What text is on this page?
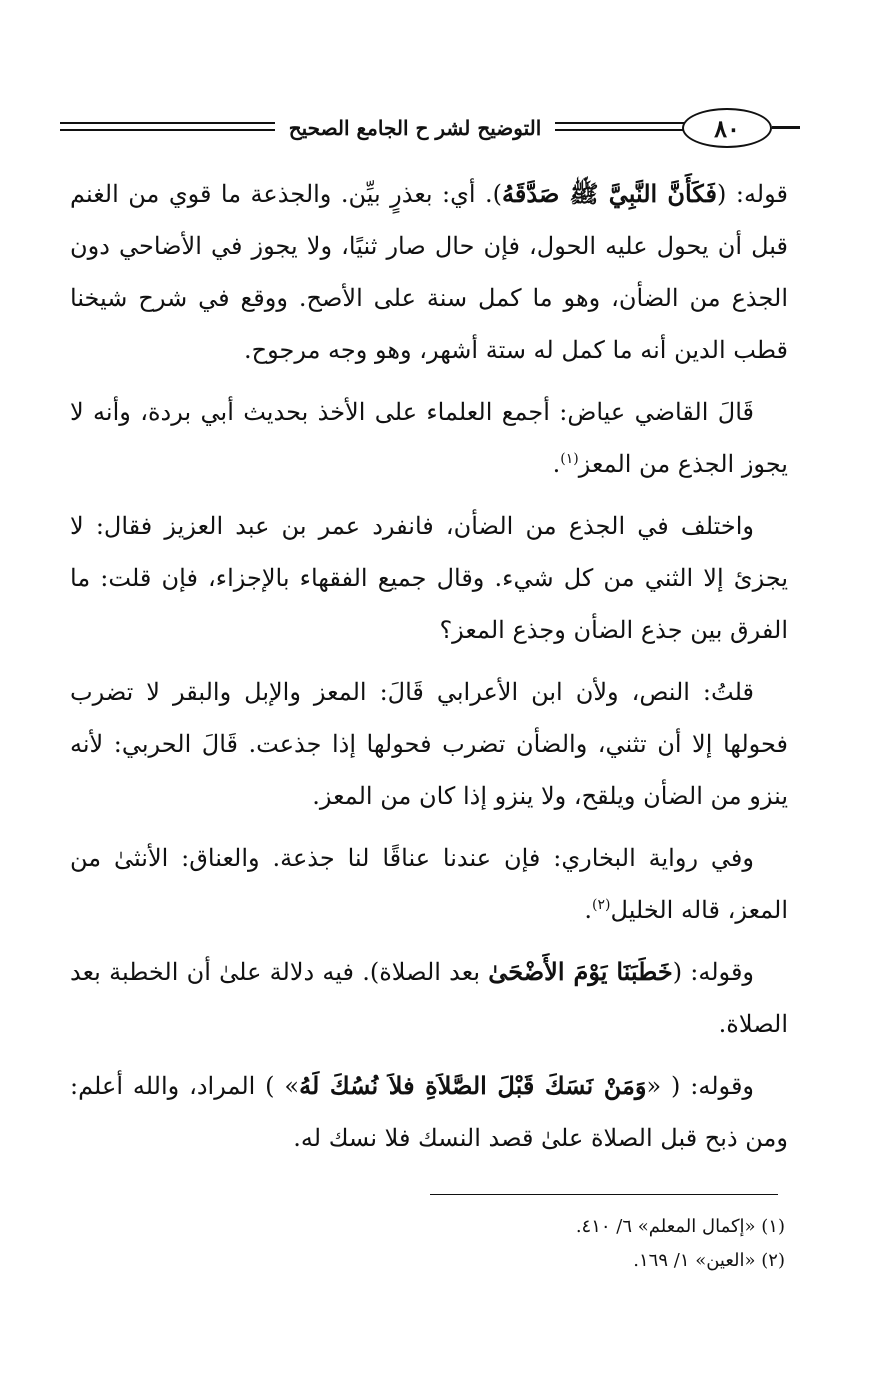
التوضيح لشر ح الجامع الصحيح	٨٠

قوله: (فَكَأَنَّ النَّبِيَّ ﷺ صَدَّقَهُ). أي: بعذرٍ بيِّن. والجذعة ما قوي من الغنم قبل أن يحول عليه الحول، فإن حال صار ثنيًا، ولا يجوز في الأضاحي دون الجذع من الضأن، وهو ما كمل سنة على الأصح. ووقع في شرح شيخنا قطب الدين أنه ما كمل له ستة أشهر، وهو وجه مرجوح.

قَالَ القاضي عياض: أجمع العلماء على الأخذ بحديث أبي بردة، وأنه لا يجوز الجذع من المعز$^{(١)}$.

واختلف في الجذع من الضأن، فانفرد عمر بن عبد العزيز فقال: لا يجزئ إلا الثني من كل شيء. وقال جميع الفقهاء بالإجزاء، فإن قلت: ما الفرق بين جذع الضأن وجذع المعز؟

قلتُ: النص، ولأن ابن الأعرابي قَالَ: المعز والإبل والبقر لا تضرب فحولها إلا أن تثني، والضأن تضرب فحولها إذا جذعت. قَالَ الحربي: لأنه ينزو من الضأن ويلقح، ولا ينزو إذا كان من المعز.

وفي رواية البخاري: فإن عندنا عناقًا لنا جذعة. والعناق: الأنثىٰ من المعز، قاله الخليل$^{(٢)}$.

وقوله: (خَطَبَنَا يَوْمَ الأَضْحَىٰ بعد الصلاة). فيه دلالة علىٰ أن الخطبة بعد الصلاة.

وقوله: ( «وَمَنْ نَسَكَ قَبْلَ الصَّلاَةِ فلاَ نُسُكَ لَهُ» ) المراد، والله أعلم: ومن ذبح قبل الصلاة علىٰ قصد النسك فلا نسك له.

(١) «إكمال المعلم» ٦/ ٤١٠.
(٢) «العين» ١/ ١٦٩.
